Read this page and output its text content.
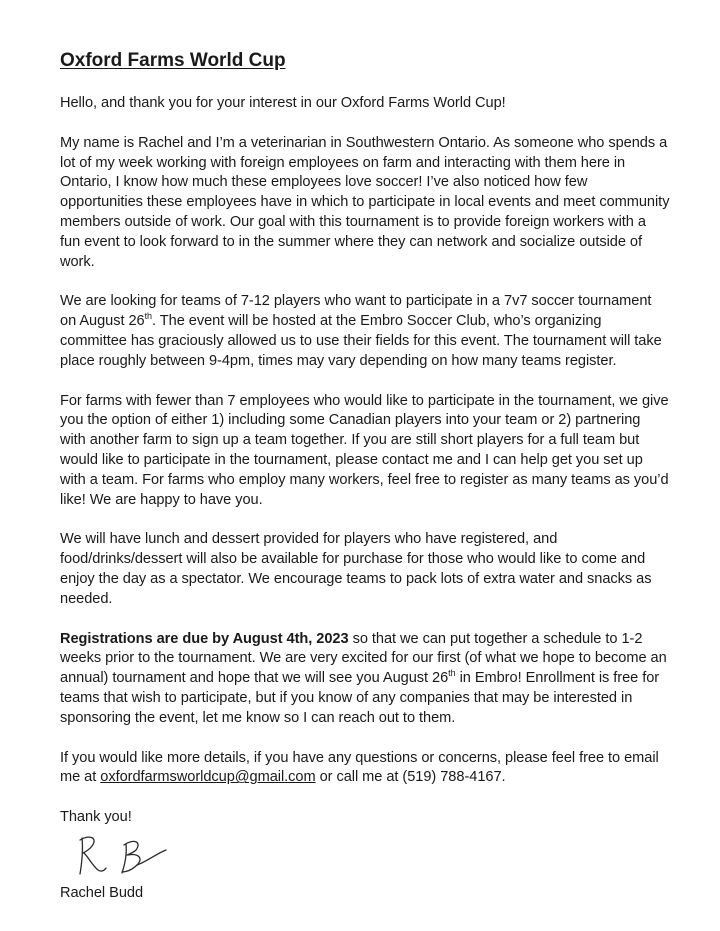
Oxford Farms World Cup

Hello, and thank you for your interest in our Oxford Farms World Cup!

My name is Rachel and I’m a veterinarian in Southwestern Ontario. As someone who spends a lot of my week working with foreign employees on farm and interacting with them here in Ontario, I know how much these employees love soccer! I’ve also noticed how few opportunities these employees have in which to participate in local events and meet community members outside of work. Our goal with this tournament is to provide foreign workers with a fun event to look forward to in the summer where they can network and socialize outside of work.

We are looking for teams of 7-12 players who want to participate in a 7v7 soccer tournament on August 26th. The event will be hosted at the Embro Soccer Club, who’s organizing committee has graciously allowed us to use their fields for this event. The tournament will take place roughly between 9-4pm, times may vary depending on how many teams register.

For farms with fewer than 7 employees who would like to participate in the tournament, we give you the option of either 1) including some Canadian players into your team or 2) partnering with another farm to sign up a team together. If you are still short players for a full team but would like to participate in the tournament, please contact me and I can help get you set up with a team. For farms who employ many workers, feel free to register as many teams as you’d like! We are happy to have you.

We will have lunch and dessert provided for players who have registered, and food/drinks/dessert will also be available for purchase for those who would like to come and enjoy the day as a spectator. We encourage teams to pack lots of extra water and snacks as needed.

Registrations are due by August 4th, 2023 so that we can put together a schedule to 1-2 weeks prior to the tournament. We are very excited for our first (of what we hope to become an annual) tournament and hope that we will see you August 26th in Embro! Enrollment is free for teams that wish to participate, but if you know of any companies that may be interested in sponsoring the event, let me know so I can reach out to them.

If you would like more details, if you have any questions or concerns, please feel free to email me at oxfordfarmsworldcup@gmail.com or call me at (519) 788-4167.

Thank you!

Rachel Budd
